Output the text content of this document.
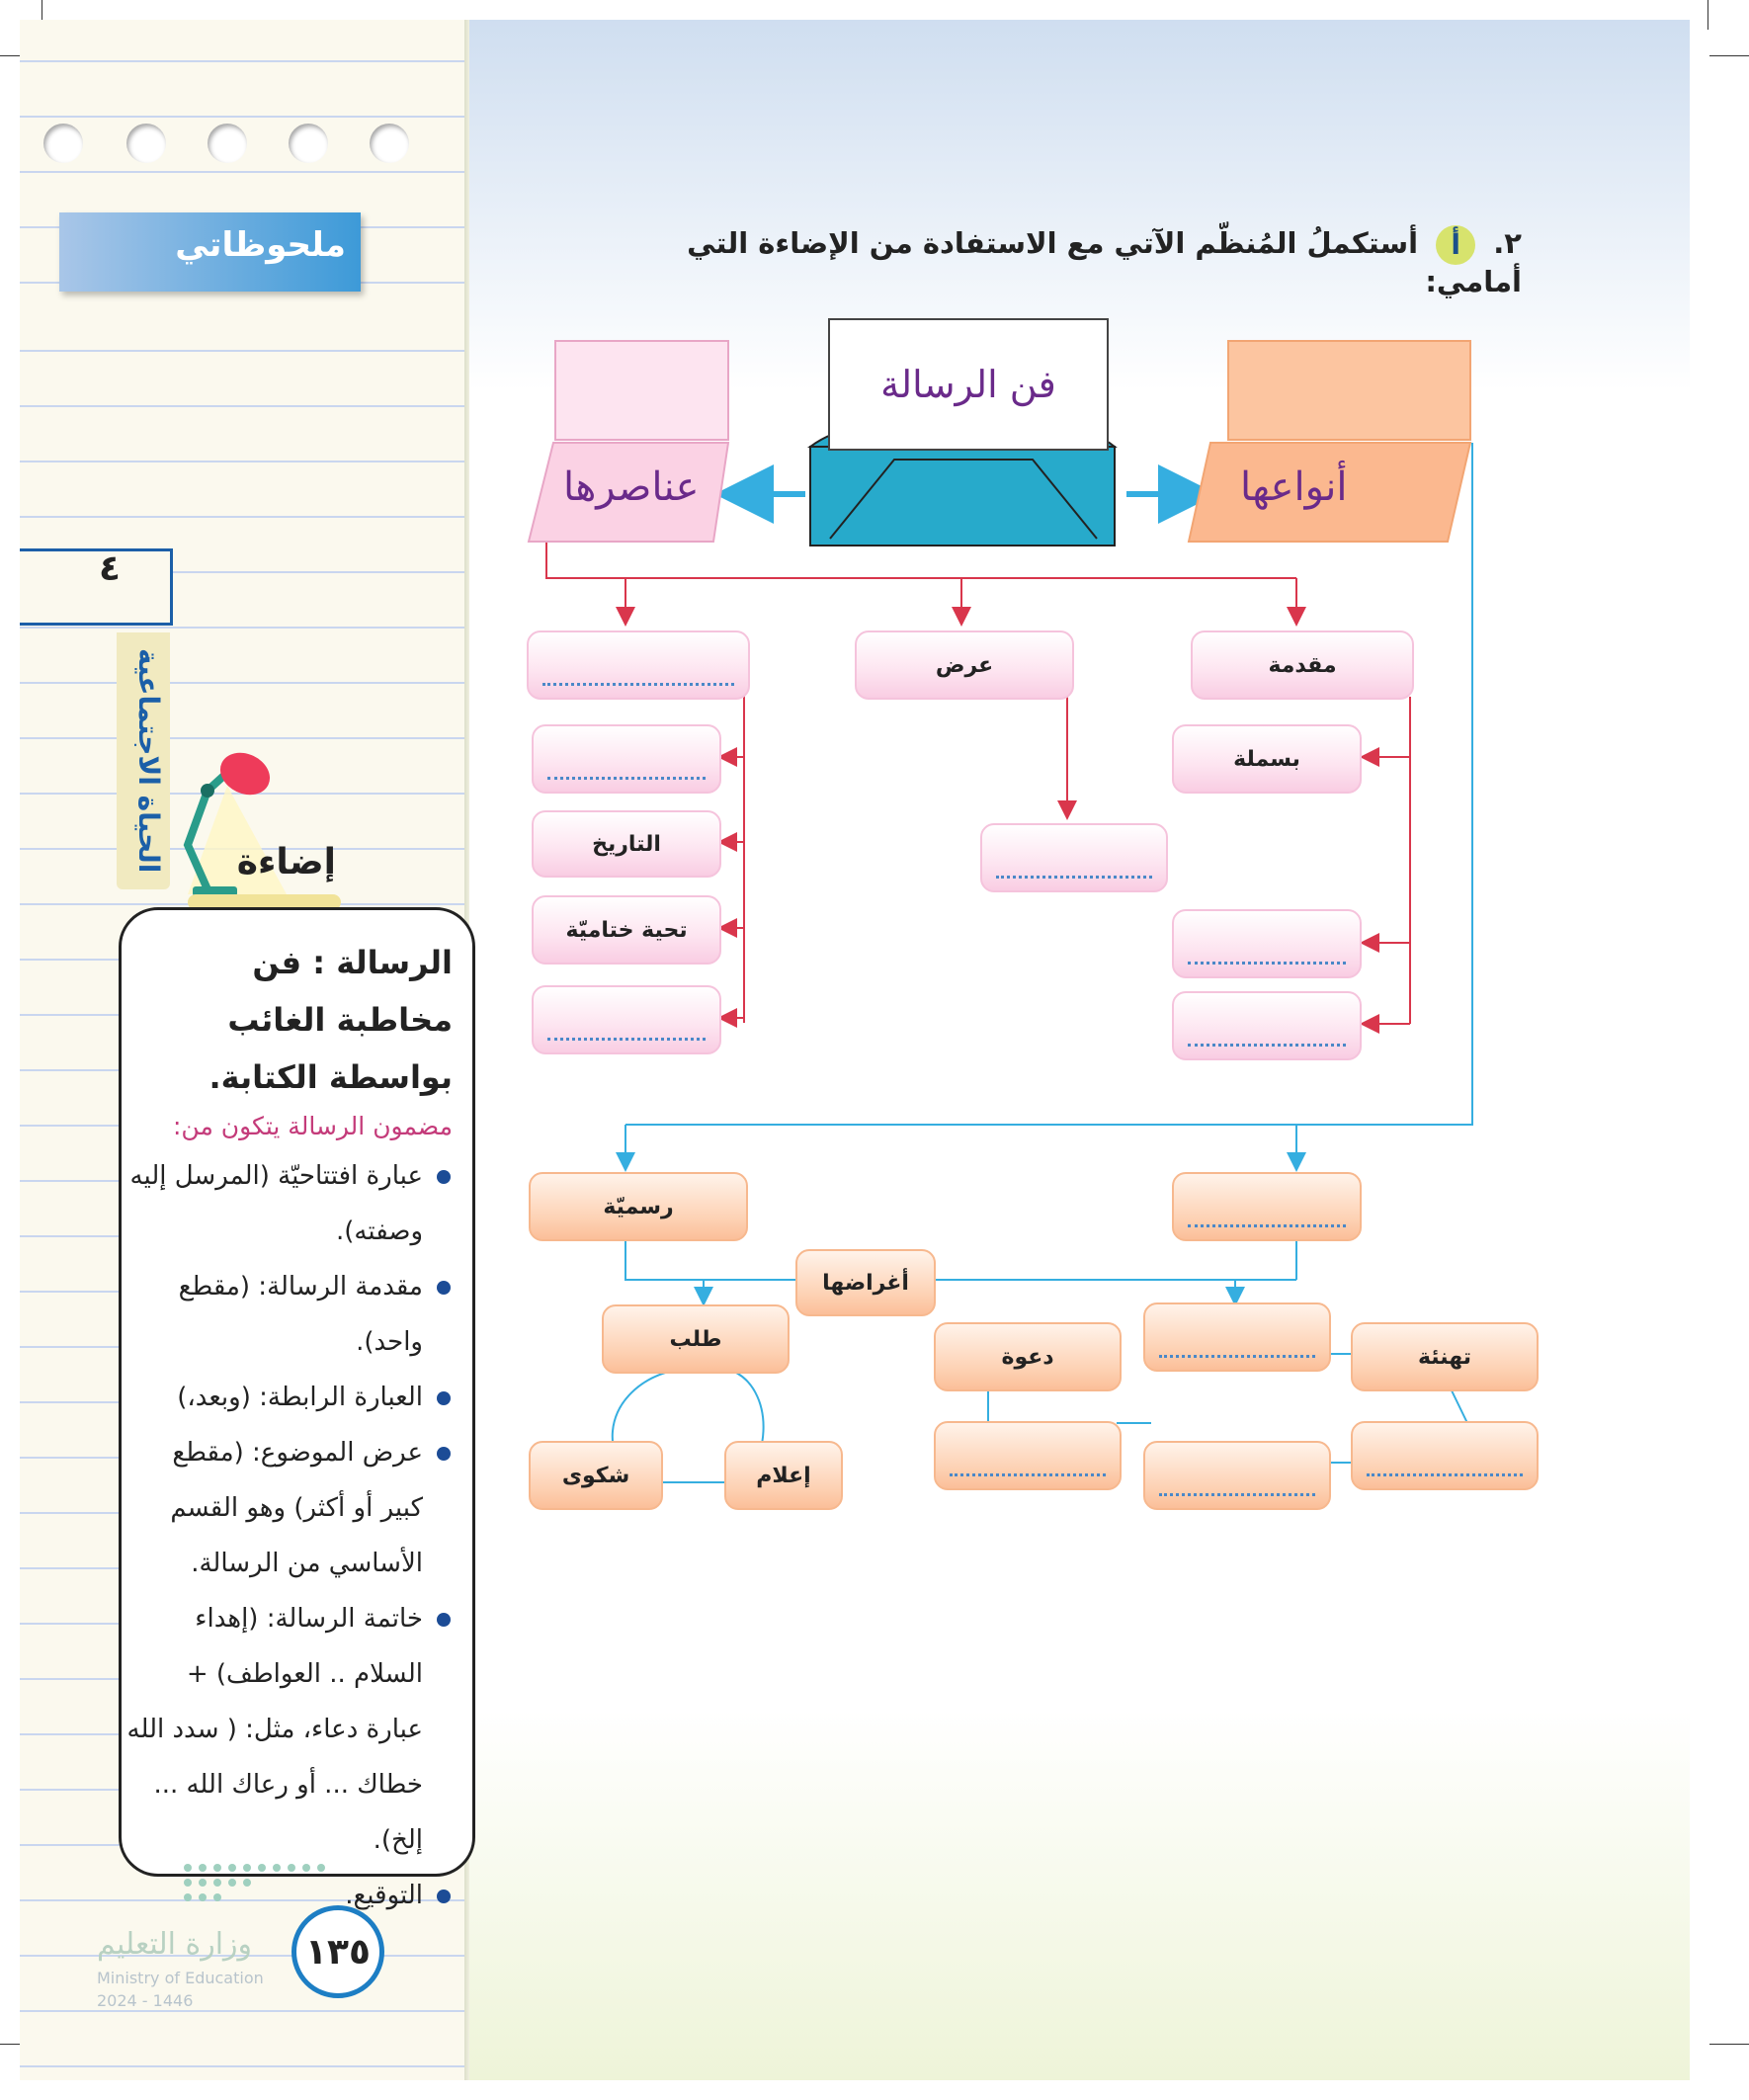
ملحوظاتي
٤
الحياة الاجتماعية	إضاءة
الرسالة : فن مخاطبة الغائب بواسطة الكتابة.
مضمون الرسالة يتكون من:
عبارة افتتاحيّة (المرسل إليه وصفته).
مقدمة الرسالة: (مقطع واحد).
العبارة الرابطة: (وبعد،)
عرض الموضوع: (مقطع كبير أو أكثر) وهو القسم الأساسي من الرسالة.
خاتمة الرسالة: (إهداء السلام .. العواطف) + عبارة دعاء، مثل: ( سدد الله خطاك ... أو رعاك الله ... إلخ).
التوقيع.
وزارة التعليم
Ministry of Education
2024 - 1446
١٣٥
٢. أ أستكملُ المُنظّم الآتي مع الاستفادة من الإضاءة التي أمامي:
فن الرسالة
عناصرها	أنواعها
عرض	مقدمة
التاريخ
تحية ختاميّة
بسملة
رسميّة
أغراضها
طلب
شكوى	إعلام
دعوة	تهنئة
